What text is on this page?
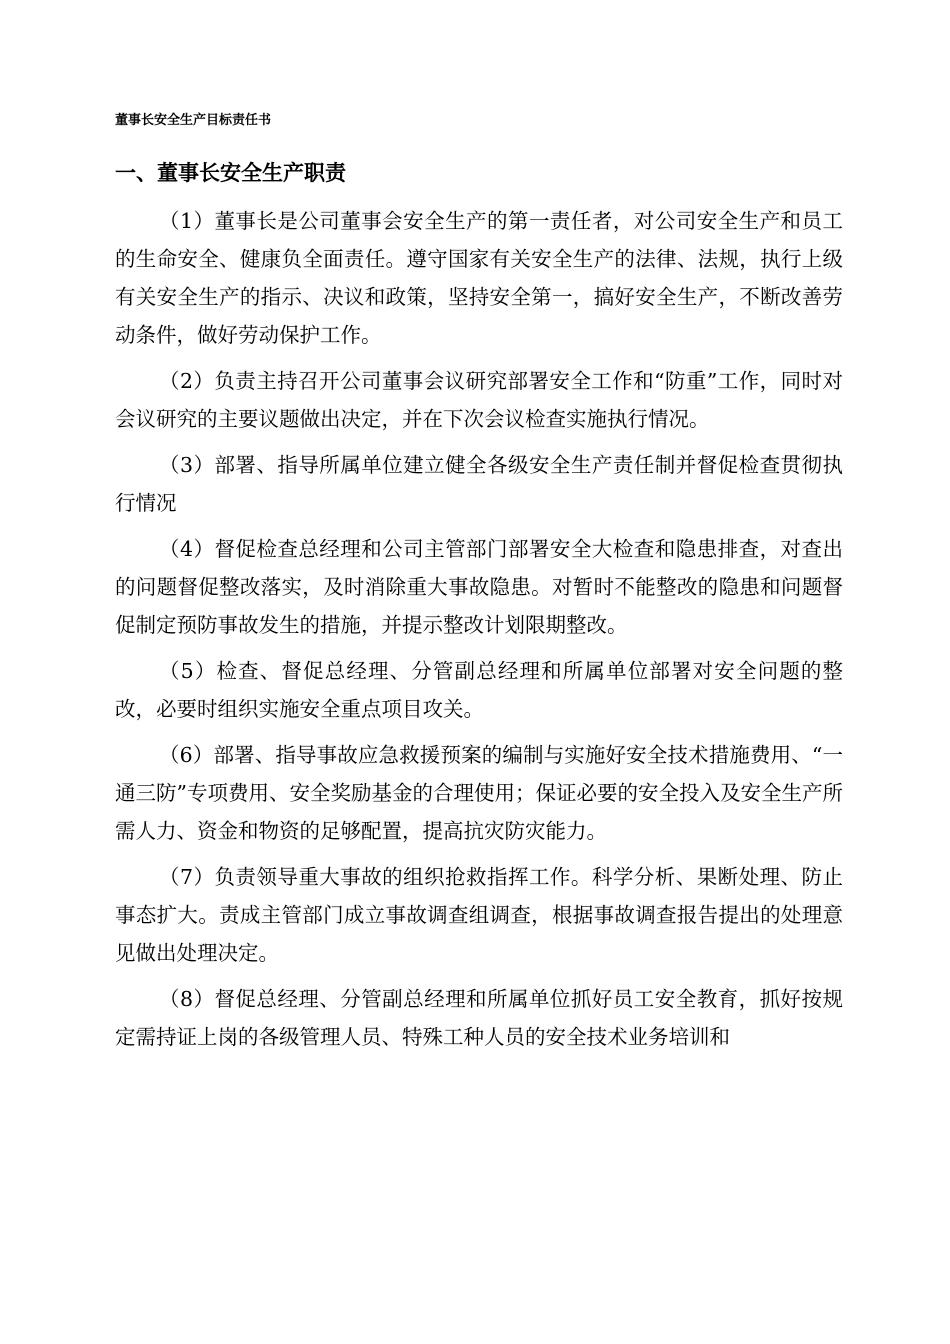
董事长安全生产目标责任书
一、董事长安全生产职责

（1）董事长是公司董事会安全生产的第一责任者，对公司安全生产和员工的生命安全、健康负全面责任。遵守国家有关安全生产的法律、法规，执行上级有关安全生产的指示、决议和政策，坚持安全第一，搞好安全生产，不断改善劳动条件，做好劳动保护工作。

（2）负责主持召开公司董事会议研究部署安全工作和“防重”工作，同时对会议研究的主要议题做出决定，并在下次会议检查实施执行情况。

（3）部署、指导所属单位建立健全各级安全生产责任制并督促检查贯彻执行情况

（4）督促检查总经理和公司主管部门部署安全大检查和隐患排查，对查出的问题督促整改落实，及时消除重大事故隐患。对暂时不能整改的隐患和问题督促制定预防事故发生的措施，并提示整改计划限期整改。

（5）检查、督促总经理、分管副总经理和所属单位部署对安全问题的整改，必要时组织实施安全重点项目攻关。

（6）部署、指导事故应急救援预案的编制与实施好安全技术措施费用、“一通三防”专项费用、安全奖励基金的合理使用；保证必要的安全投入及安全生产所需人力、资金和物资的足够配置，提高抗灾防灾能力。

（7）负责领导重大事故的组织抢救指挥工作。科学分析、果断处理、防止事态扩大。责成主管部门成立事故调查组调查，根据事故调查报告提出的处理意见做出处理决定。

（8）督促总经理、分管副总经理和所属单位抓好员工安全教育，抓好按规定需持证上岗的各级管理人员、特殊工种人员的安全技术业务培训和
